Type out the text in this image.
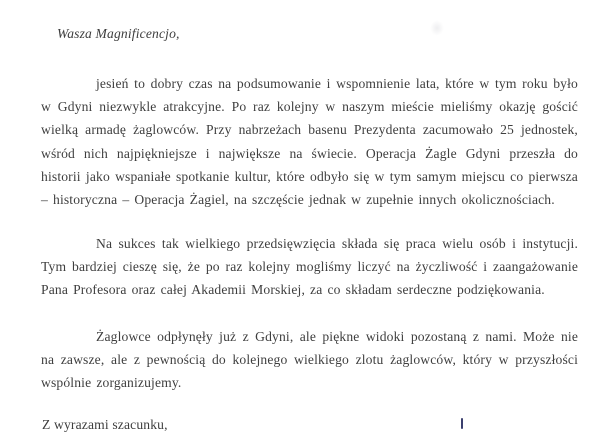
Wasza Magnificencjo,
jesień to dobry czas na podsumowanie i wspomnienie lata, które w tym roku było w Gdyni niezwykle atrakcyjne. Po raz kolejny w naszym mieście mieliśmy okazję gościć wielką armadę żaglowców. Przy nabrzeżach basenu Prezydenta zacumowało 25 jednostek, wśród nich najpiękniejsze i największe na świecie. Operacja Żagle Gdyni przeszła do historii jako wspaniałe spotkanie kultur, które odbyło się w tym samym miejscu co pierwsza – historyczna – Operacja Żagiel, na szczęście jednak w zupełnie innych okolicznościach.
Na sukces tak wielkiego przedsięwzięcia składa się praca wielu osób i instytucji. Tym bardziej cieszę się, że po raz kolejny mogliśmy liczyć na życzliwość i zaangażowanie Pana Profesora oraz całej Akademii Morskiej, za co składam serdeczne podziękowania.
Żaglowce odpłynęły już z Gdyni, ale piękne widoki pozostaną z nami. Może nie na zawsze, ale z pewnością do kolejnego wielkiego zlotu żaglowców, który w przyszłości wspólnie zorganizujemy.
Z wyrazami szacunku,
